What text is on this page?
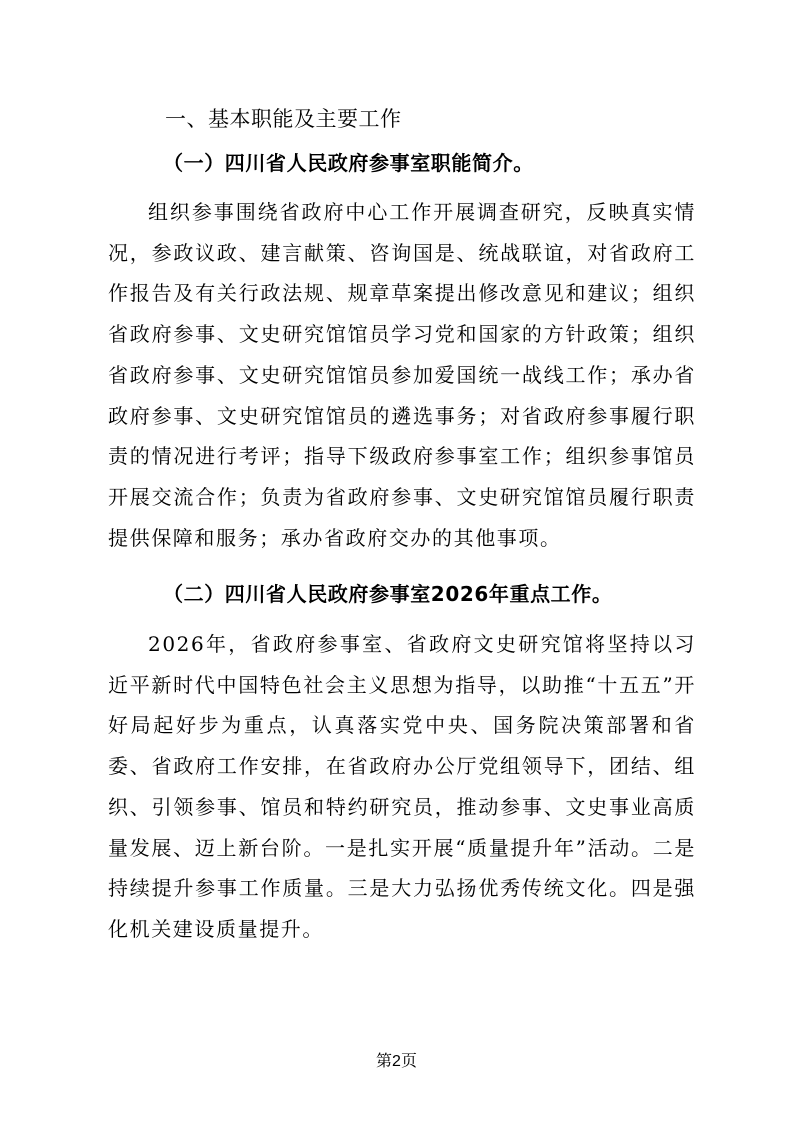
一、基本职能及主要工作
（一）四川省人民政府参事室职能简介。

组织参事围绕省政府中心工作开展调查研究，反映真实情况，参政议政、建言献策、咨询国是、统战联谊，对省政府工作报告及有关行政法规、规章草案提出修改意见和建议；组织省政府参事、文史研究馆馆员学习党和国家的方针政策；组织省政府参事、文史研究馆馆员参加爱国统一战线工作；承办省政府参事、文史研究馆馆员的遴选事务；对省政府参事履行职责的情况进行考评；指导下级政府参事室工作；组织参事馆员开展交流合作；负责为省政府参事、文史研究馆馆员履行职责提供保障和服务；承办省政府交办的其他事项。

（二）四川省人民政府参事室2026年重点工作。

2026年，省政府参事室、省政府文史研究馆将坚持以习近平新时代中国特色社会主义思想为指导，以助推“十五五”开好局起好步为重点，认真落实党中央、国务院决策部署和省委、省政府工作安排，在省政府办公厅党组领导下，团结、组织、引领参事、馆员和特约研究员，推动参事、文史事业高质量发展、迈上新台阶。一是扎实开展“质量提升年”活动。二是持续提升参事工作质量。三是大力弘扬优秀传统文化。四是强化机关建设质量提升。

第2页
